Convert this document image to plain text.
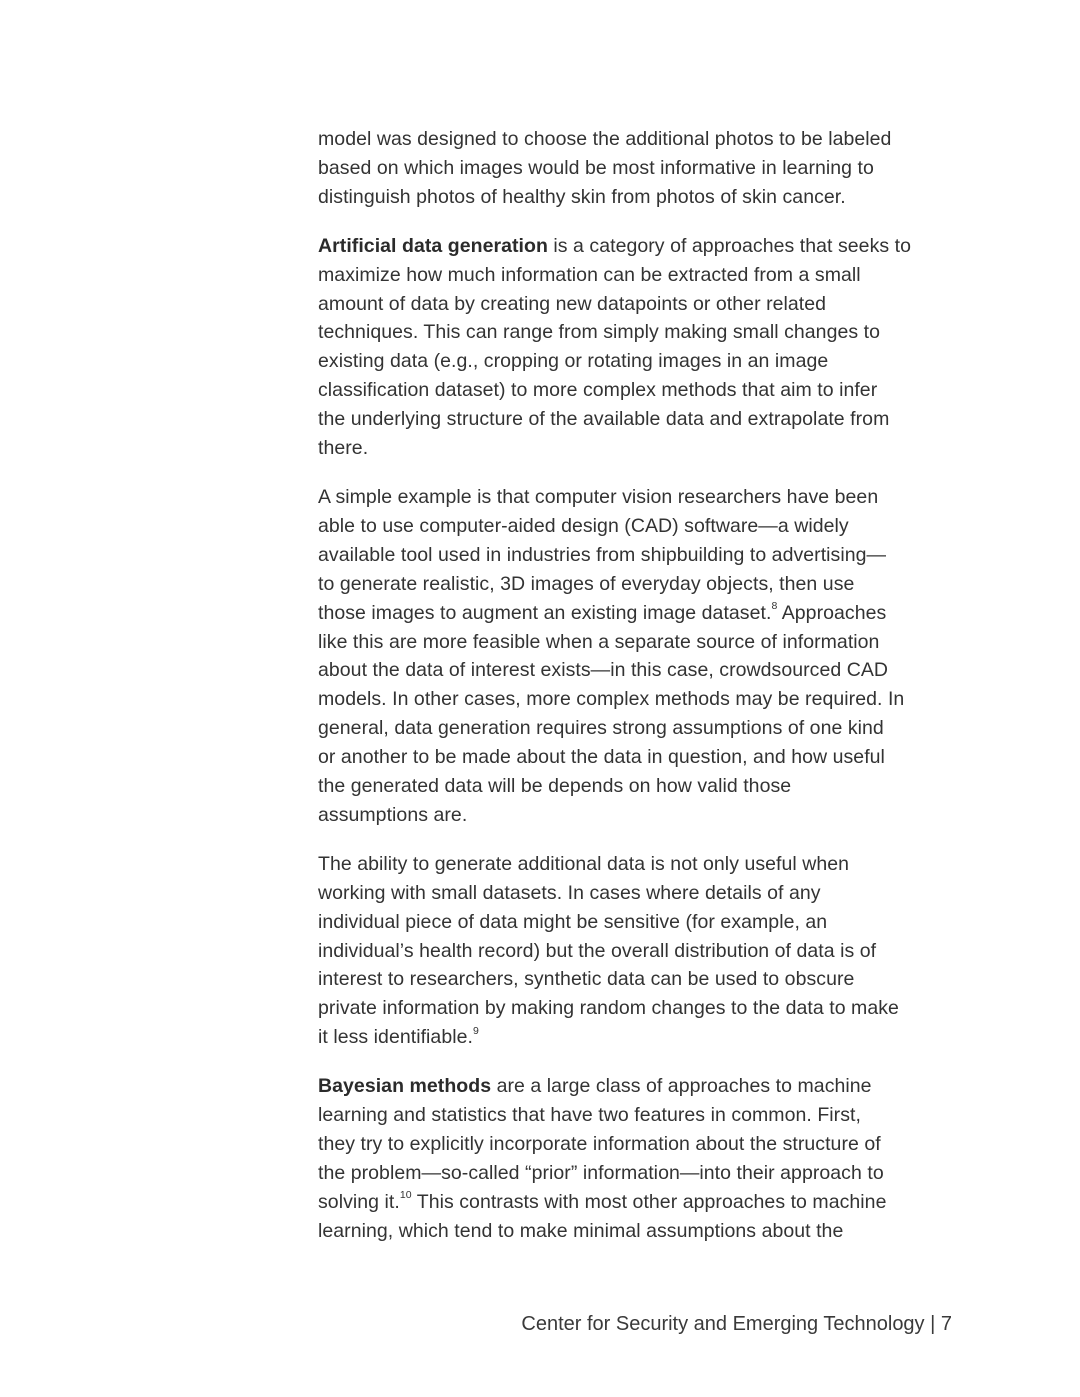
model was designed to choose the additional photos to be labeled
based on which images would be most informative in learning to
distinguish photos of healthy skin from photos of skin cancer.

Artificial data generation is a category of approaches that seeks to
maximize how much information can be extracted from a small
amount of data by creating new datapoints or other related
techniques. This can range from simply making small changes to
existing data (e.g., cropping or rotating images in an image
classification dataset) to more complex methods that aim to infer
the underlying structure of the available data and extrapolate from
there.

A simple example is that computer vision researchers have been
able to use computer-aided design (CAD) software—a widely
available tool used in industries from shipbuilding to advertising—
to generate realistic, 3D images of everyday objects, then use
those images to augment an existing image dataset.$^8$ Approaches
like this are more feasible when a separate source of information
about the data of interest exists—in this case, crowdsourced CAD
models. In other cases, more complex methods may be required. In
general, data generation requires strong assumptions of one kind
or another to be made about the data in question, and how useful
the generated data will be depends on how valid those
assumptions are.

The ability to generate additional data is not only useful when
working with small datasets. In cases where details of any
individual piece of data might be sensitive (for example, an
individual’s health record) but the overall distribution of data is of
interest to researchers, synthetic data can be used to obscure
private information by making random changes to the data to make
it less identifiable.$^9$

Bayesian methods are a large class of approaches to machine
learning and statistics that have two features in common. First,
they try to explicitly incorporate information about the structure of
the problem—so-called “prior” information—into their approach to
solving it.$^{10}$ This contrasts with most other approaches to machine
learning, which tend to make minimal assumptions about the

Center for Security and Emerging Technology | 7
